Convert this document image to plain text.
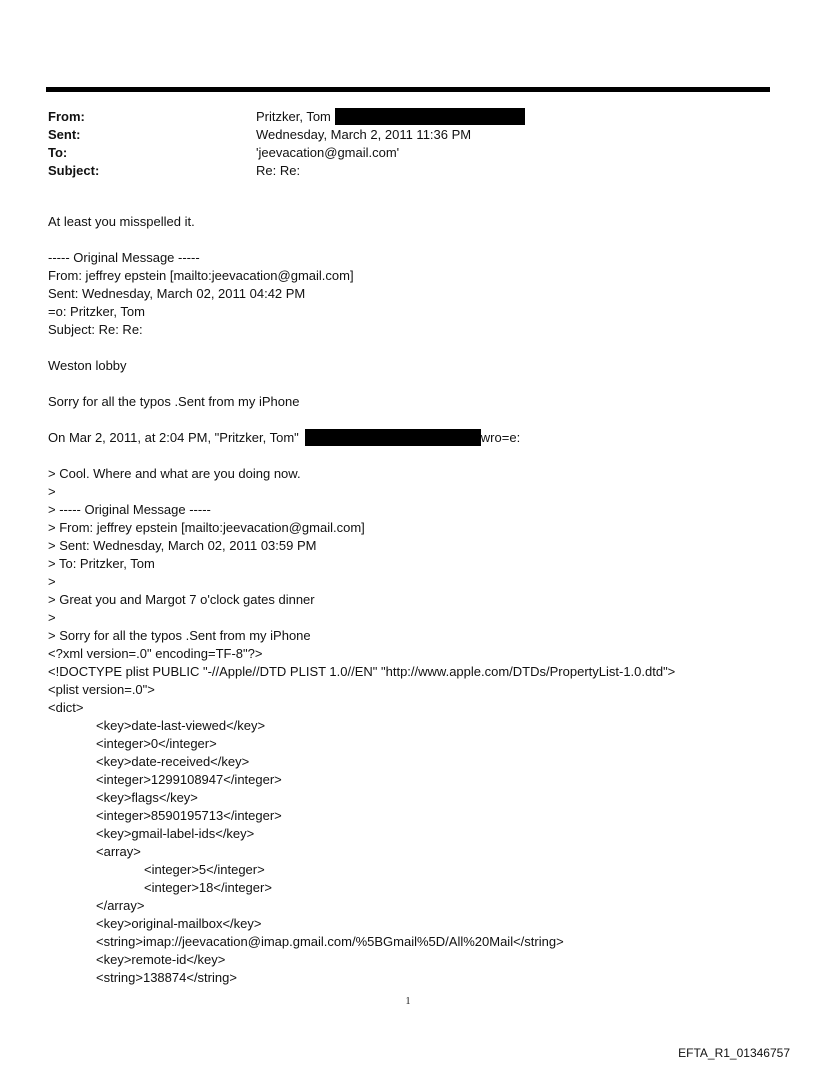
From:	Pritzker, Tom
Sent:	Wednesday, March 2, 2011 11:36 PM
To:	'jeevacation@gmail.com'
Subject:	Re: Re:
At least you misspelled it.
----- Original Message -----
From: jeffrey epstein [mailto:jeevacation@gmail.com]
Sent: Wednesday, March 02, 2011 04:42 PM
=o: Pritzker, Tom
Subject: Re: Re:
Weston lobby
Sorry for all the typos .Sent from my iPhone
On Mar 2, 2011, at 2:04 PM, "Pritzker, Tom"	wro=e:
> Cool. Where and what are you doing now.
>
> ----- Original Message -----
> From: jeffrey epstein [mailto:jeevacation@gmail.com]
> Sent: Wednesday, March 02, 2011 03:59 PM
> To: Pritzker, Tom
>
> Great you and Margot 7 o'clock gates dinner
>
> Sorry for all the typos .Sent from my iPhone
<?xml version=.0" encoding=TF-8"?>
<!DOCTYPE plist PUBLIC "-//Apple//DTD PLIST 1.0//EN" "http://www.apple.com/DTDs/PropertyList-1.0.dtd">
<plist version=.0">
<dict>
<key>date-last-viewed</key>
<integer>0</integer>
<key>date-received</key>
<integer>1299108947</integer>
<key>flags</key>
<integer>8590195713</integer>
<key>gmail-label-ids</key>
<array>
<integer>5</integer>
<integer>18</integer>
</array>
<key>original-mailbox</key>
<string>imap://jeevacation@imap.gmail.com/%5BGmail%5D/All%20Mail</string>
<key>remote-id</key>
<string>138874</string>
1
EFTA_R1_01346757
